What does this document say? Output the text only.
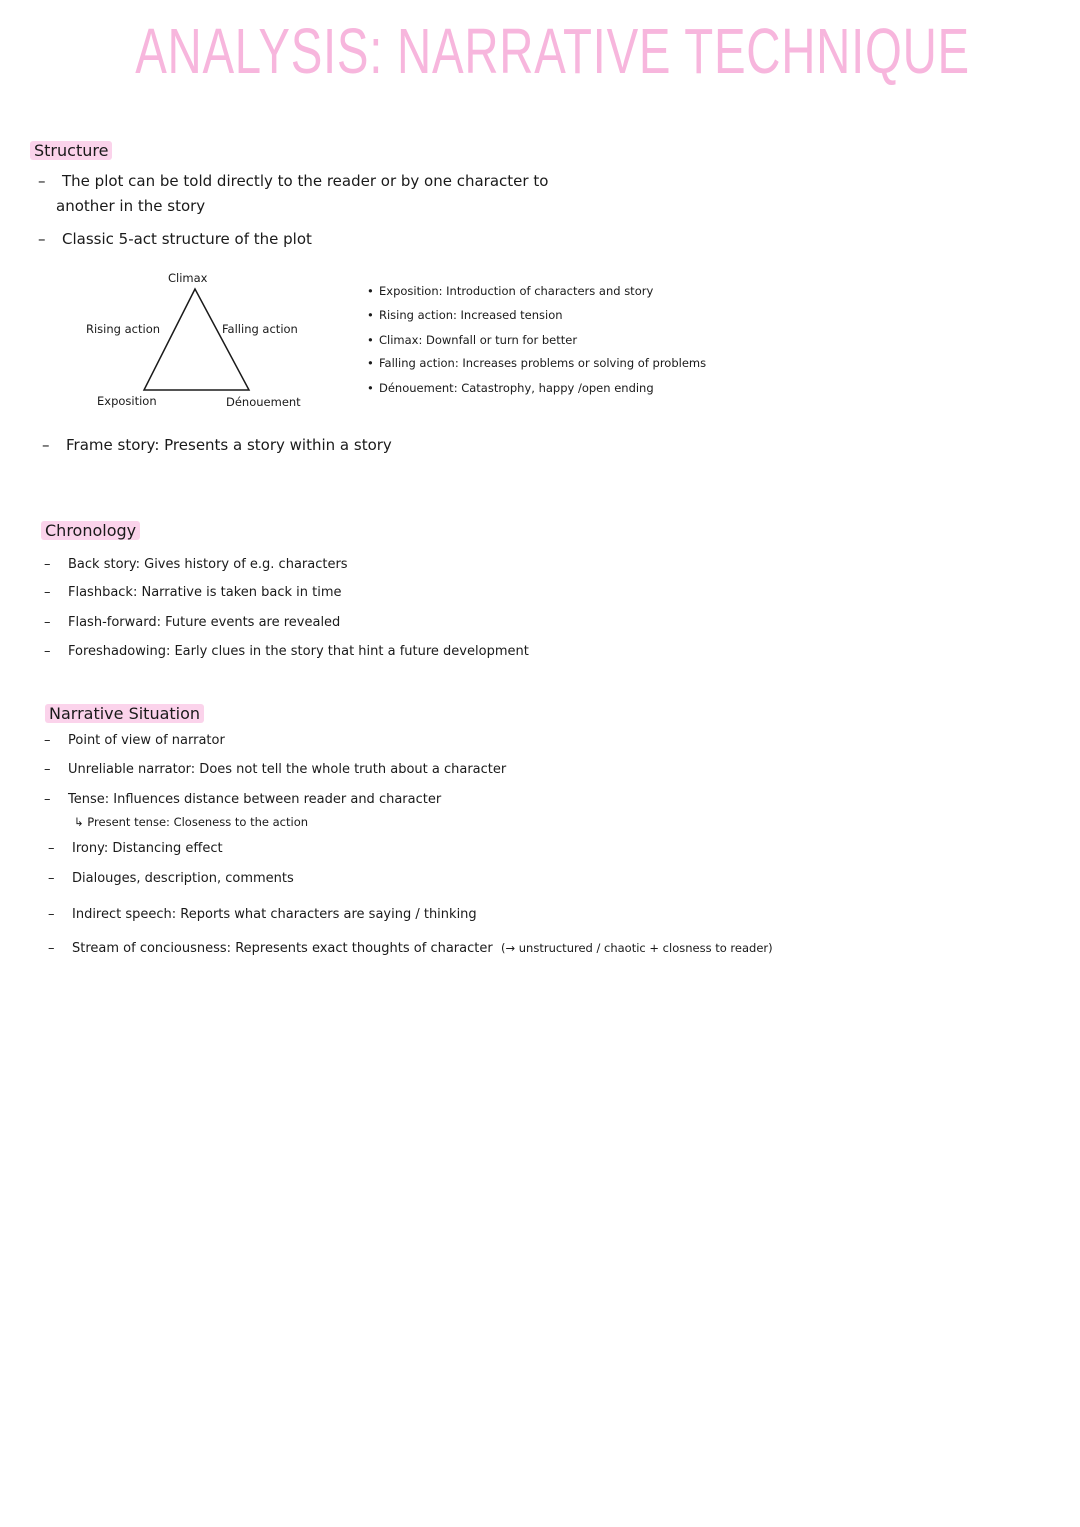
ANALYSIS: NARRATIVE TECHNIQUE
Structure
– The plot can be told directly to the reader or by one character to
another in the story
– Classic 5-act structure of the plot
Climax
Rising action	Falling action
Exposition	Dénouement
• Exposition: Introduction of characters and story
• Rising action: Increased tension
• Climax: Downfall or turn for better
• Falling action: Increases problems or solving of problems
• Dénouement: Catastrophy, happy /open ending
– Frame story: Presents a story within a story
Chronology
– Back story: Gives history of e.g. characters
– Flashback: Narrative is taken back in time
– Flash-forward: Future events are revealed
– Foreshadowing: Early clues in the story that hint a future development
Narrative Situation
– Point of view of narrator
– Unreliable narrator: Does not tell the whole truth about a character
– Tense: Influences distance between reader and character
↳ Present tense: Closeness to the action
– Irony: Distancing effect
– Dialouges, description, comments
– Indirect speech: Reports what characters are saying / thinking
– Stream of conciousness: Represents exact thoughts of character (→ unstructured / chaotic + closness to reader)
